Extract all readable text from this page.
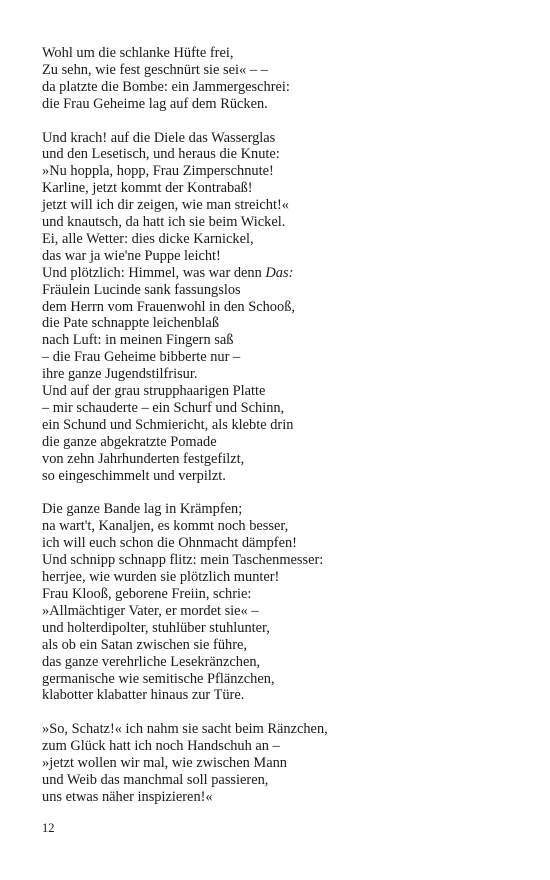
Wohl um die schlanke Hüfte frei,
Zu sehn, wie fest geschnürt sie sei« – –
da platzte die Bombe: ein Jammergeschrei:
die Frau Geheime lag auf dem Rücken.
Und krach! auf die Diele das Wasserglas
und den Lesetisch, und heraus die Knute:
»Nu hoppla, hopp, Frau Zimperschnute!
Karline, jetzt kommt der Kontrabaß!
jetzt will ich dir zeigen, wie man streicht!«
und knautsch, da hatt ich sie beim Wickel.
Ei, alle Wetter: dies dicke Karnickel,
das war ja wie'ne Puppe leicht!
Und plötzlich: Himmel, was war denn Das:
Fräulein Lucinde sank fassungslos
dem Herrn vom Frauenwohl in den Schooß,
die Pate schnappte leichenblaß
nach Luft: in meinen Fingern saß
– die Frau Geheime bibberte nur –
ihre ganze Jugendstilfrisur.
Und auf der grau strupphaarigen Platte
– mir schauderte – ein Schurf und Schinn,
ein Schund und Schmiericht, als klebte drin
die ganze abgekratzte Pomade
von zehn Jahrhunderten festgefilzt,
so eingeschimmelt und verpilzt.
Die ganze Bande lag in Krämpfen;
na wart't, Kanaljen, es kommt noch besser,
ich will euch schon die Ohnmacht dämpfen!
Und schnipp schnapp flitz: mein Taschenmesser:
herrjee, wie wurden sie plötzlich munter!
Frau Klooß, geborene Freiin, schrie:
»Allmächtiger Vater, er mordet sie« –
und holterdipolter, stuhlüber stuhlunter,
als ob ein Satan zwischen sie führe,
das ganze verehrliche Lesekränzchen,
germanische wie semitische Pflänzchen,
klabotter klabatter hinaus zur Türe.
»So, Schatz!« ich nahm sie sacht beim Ränzchen,
zum Glück hatt ich noch Handschuh an –
»jetzt wollen wir mal, wie zwischen Mann
und Weib das manchmal soll passieren,
uns etwas näher inspizieren!«
12
